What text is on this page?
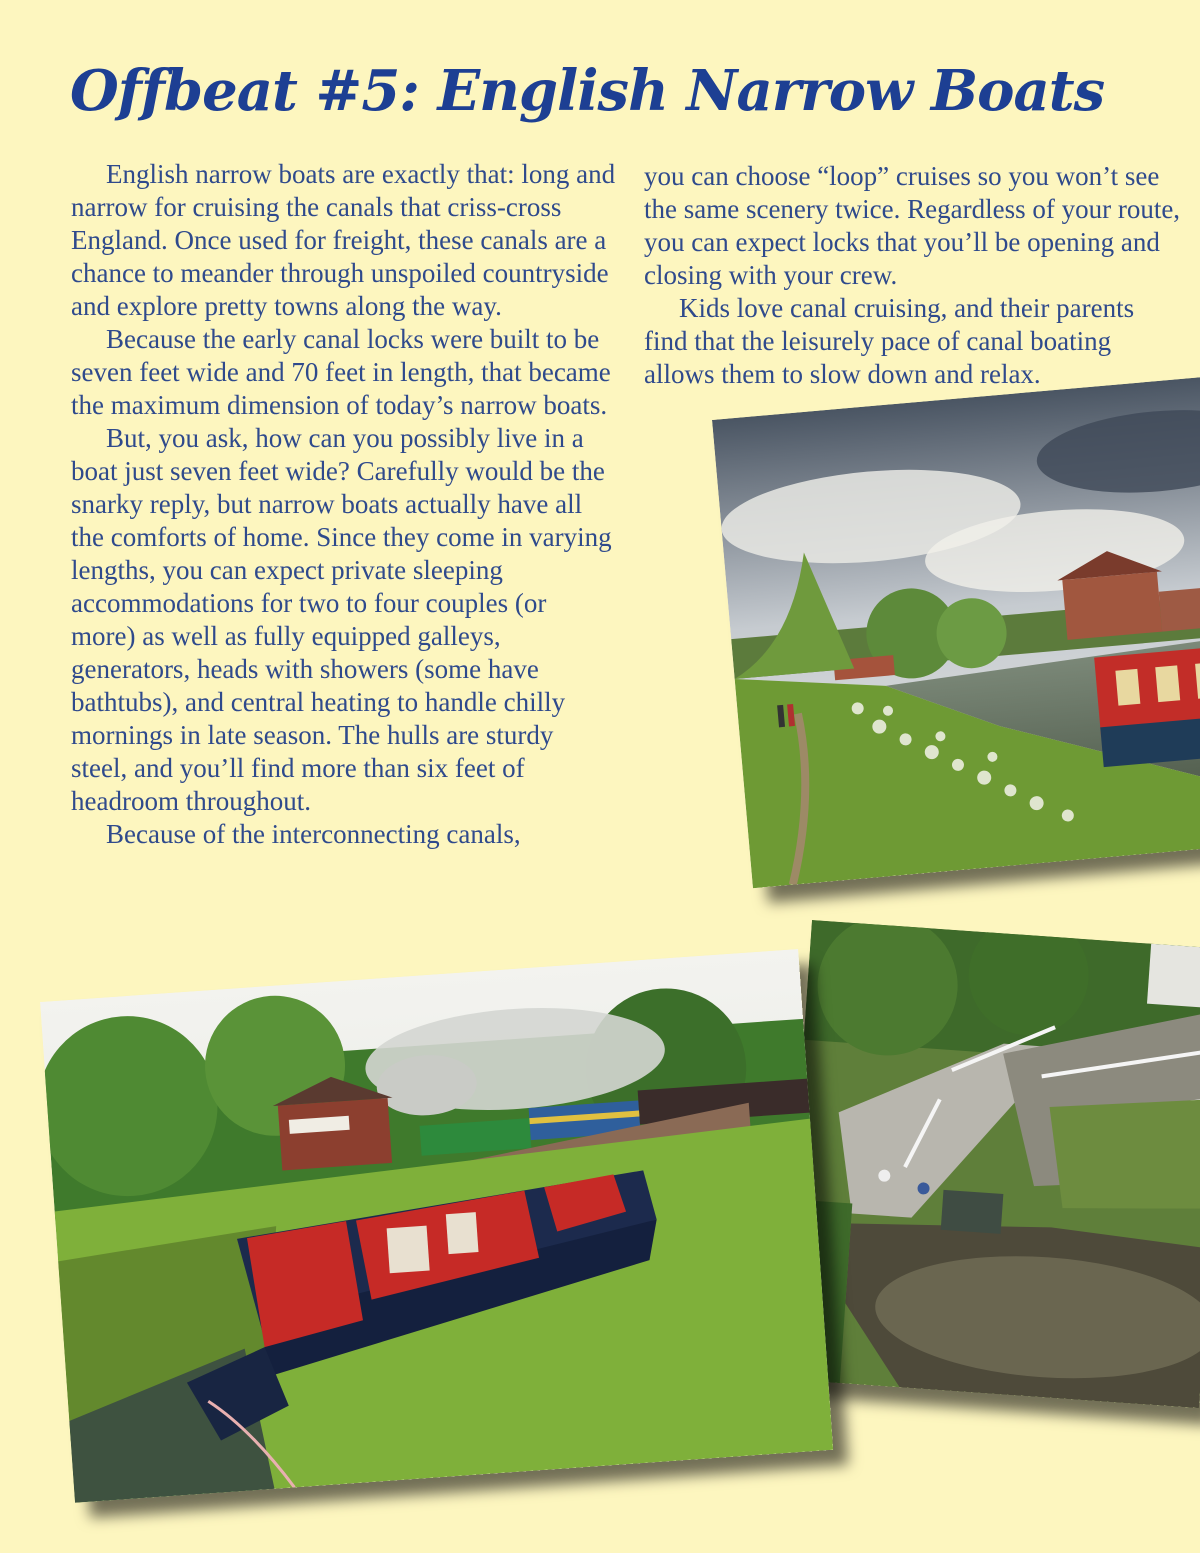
Offbeat #5: English Narrow Boats

English narrow boats are exactly that: long and narrow for cruising the canals that criss-cross England. Once used for freight, these canals are a chance to meander through unspoiled countryside and explore pretty towns along the way.

Because the early canal locks were built to be seven feet wide and 70 feet in length, that became the maximum dimension of today’s narrow boats.

But, you ask, how can you possibly live in a boat just seven feet wide? Carefully would be the snarky reply, but narrow boats actually have all the comforts of home. Since they come in varying lengths, you can expect private sleeping accommodations for two to four couples (or more) as well as fully equipped galleys, generators, heads with showers (some have bathtubs), and central heating to handle chilly mornings in late season. The hulls are sturdy steel, and you’ll find more than six feet of headroom throughout.

Because of the interconnecting canals,

you can choose “loop” cruises so you won’t see the same scenery twice. Regardless of your route, you can expect locks that you’ll be opening and closing with your crew.

Kids love canal cruising, and their parents find that the leisurely pace of canal boating allows them to slow down and relax.
